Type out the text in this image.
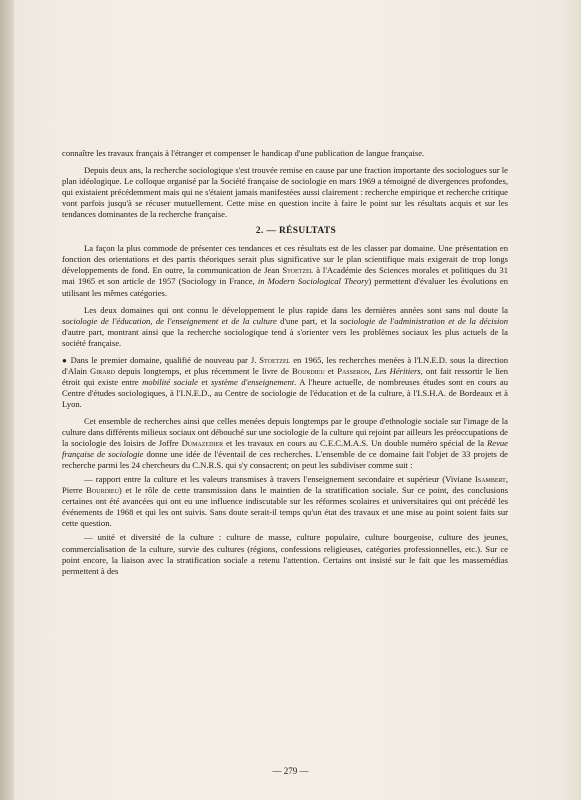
connaître les travaux français à l'étranger et compenser le handicap d'une publication de langue française.

Depuis deux ans, la recherche sociologique s'est trouvée remise en cause par une fraction importante des sociologues sur le plan idéologique. Le colloque organisé par la Société française de sociologie en mars 1969 a témoigné de divergences profondes, qui existaient précédemment mais qui ne s'étaient jamais manifestées aussi clairement : recherche empirique et recherche critique vont parfois jusqu'à se récuser mutuellement. Cette mise en question incite à faire le point sur les résultats acquis et sur les tendances dominantes de la recherche française.

2. — RÉSULTATS

La façon la plus commode de présenter ces tendances et ces résultats est de les classer par domaine. Une présentation en fonction des orientations et des partis théoriques serait plus significative sur le plan scientifique mais exigerait de trop longs développements de fond. En outre, la communication de Jean Stoetzel à l'Académie des Sciences morales et politiques du 31 mai 1965 et son article de 1957 (Sociology in France, in Modern Sociological Theory) permettent d'évaluer les évolutions en utilisant les mêmes catégories.

Les deux domaines qui ont connu le développement le plus rapide dans les dernières années sont sans nul doute la sociologie de l'éducation, de l'enseignement et de la culture d'une part, et la sociologie de l'administration et de la décision d'autre part, montrant ainsi que la recherche sociologique tend à s'orienter vers les problèmes sociaux les plus actuels de la société française.

● Dans le premier domaine, qualifié de nouveau par J. Stoetzel en 1965, les recherches menées à l'I.N.E.D. sous la direction d'Alain Girard depuis longtemps, et plus récemment le livre de Bourdieu et Passeron, Les Héritiers, ont fait ressortir le lien étroit qui existe entre mobilité sociale et système d'enseignement. A l'heure actuelle, de nombreuses études sont en cours au Centre d'études sociologiques, à l'I.N.E.D., au Centre de sociologie de l'éducation et de la culture, à l'I.S.H.A. de Bordeaux et à Lyon.

Cet ensemble de recherches ainsi que celles menées depuis longtemps par le groupe d'ethnologie sociale sur l'image de la culture dans différents milieux sociaux ont débouché sur une sociologie de la culture qui rejoint par ailleurs les préoccupations de la sociologie des loisirs de Joffre Dumazedier et les travaux en cours au C.E.C.M.A.S. Un double numéro spécial de la Revue française de sociologie donne une idée de l'éventail de ces recherches. L'ensemble de ce domaine fait l'objet de 33 projets de recherche parmi les 24 chercheurs du C.N.R.S. qui s'y consacrent; on peut les subdiviser comme suit :

— rapport entre la culture et les valeurs transmises à travers l'enseignement secondaire et supérieur (Viviane Isambert, Pierre Bourdieu) et le rôle de cette transmission dans le maintien de la stratification sociale. Sur ce point, des conclusions certaines ont été avancées qui ont eu une influence indiscutable sur les réformes scolaires et universitaires qui ont précédé les événements de 1968 et qui les ont suivis. Sans doute serait-il temps qu'un état des travaux et une mise au point soient faits sur cette question.

— unité et diversité de la culture : culture de masse, culture populaire, culture bourgeoise, culture des jeunes, commercialisation de la culture, survie des cultures (régions, confessions religieuses, catégories professionnelles, etc.). Sur ce point encore, la liaison avec la stratification sociale a retenu l'attention. Certains ont insisté sur le fait que les massemédias permettent à des

— 279 —
